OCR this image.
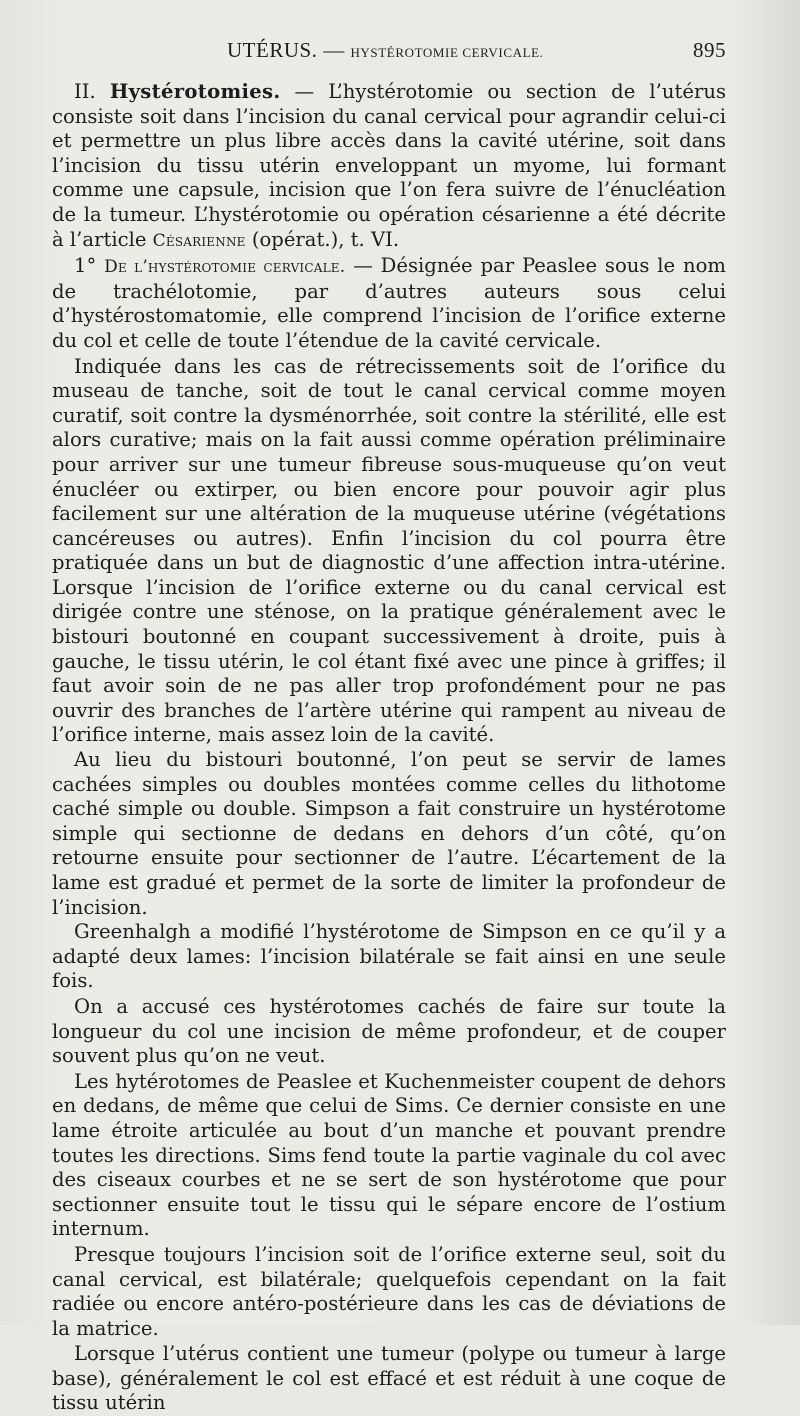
UTÉRUS. — HYSTÉROTOMIE CERVICALE.	895

II. Hystérotomies. — L’hystérotomie ou section de l’utérus consiste soit dans l’incision du canal cervical pour agrandir celui-ci et permettre un plus libre accès dans la cavité utérine, soit dans l’incision du tissu utérin enveloppant un myome, lui formant comme une capsule, incision que l’on fera suivre de l’énucléation de la tumeur. L’hystérotomie ou opération césarienne a été décrite à l’article Césarienne (opérat.), t. VI.

1° De l’hystérotomie cervicale. — Désignée par Peaslee sous le nom de trachélotomie, par d’autres auteurs sous celui d’hystérostomatomie, elle comprend l’incision de l’orifice externe du col et celle de toute l’étendue de la cavité cervicale.

Indiquée dans les cas de rétrecissements soit de l’orifice du museau de tanche, soit de tout le canal cervical comme moyen curatif, soit contre la dysménorrhée, soit contre la stérilité, elle est alors curative; mais on la fait aussi comme opération préliminaire pour arriver sur une tumeur fibreuse sous-muqueuse qu’on veut énucléer ou extirper, ou bien encore pour pouvoir agir plus facilement sur une altération de la muqueuse utérine (végétations cancéreuses ou autres). Enfin l’incision du col pourra être pratiquée dans un but de diagnostic d’une affection intra-utérine. Lorsque l’incision de l’orifice externe ou du canal cervical est dirigée contre une sténose, on la pratique généralement avec le bistouri boutonné en coupant successivement à droite, puis à gauche, le tissu utérin, le col étant fixé avec une pince à griffes; il faut avoir soin de ne pas aller trop profondément pour ne pas ouvrir des branches de l’artère utérine qui rampent au niveau de l’orifice interne, mais assez loin de la cavité.

Au lieu du bistouri boutonné, l’on peut se servir de lames cachées simples ou doubles montées comme celles du lithotome caché simple ou double. Simpson a fait construire un hystérotome simple qui sectionne de dedans en dehors d’un côté, qu’on retourne ensuite pour sectionner de l’autre. L’écartement de la lame est gradué et permet de la sorte de limiter la profondeur de l’incision.

Greenhalgh a modifié l’hystérotome de Simpson en ce qu’il y a adapté deux lames: l’incision bilatérale se fait ainsi en une seule fois.

On a accusé ces hystérotomes cachés de faire sur toute la longueur du col une incision de même profondeur, et de couper souvent plus qu’on ne veut.

Les hytérotomes de Peaslee et Kuchenmeister coupent de dehors en dedans, de même que celui de Sims. Ce dernier consiste en une lame étroite articulée au bout d’un manche et pouvant prendre toutes les directions. Sims fend toute la partie vaginale du col avec des ciseaux courbes et ne se sert de son hystérotome que pour sectionner ensuite tout le tissu qui le sépare encore de l’ostium internum.

Presque toujours l’incision soit de l’orifice externe seul, soit du canal cervical, est bilatérale; quelquefois cependant on la fait radiée ou encore antéro-postérieure dans les cas de déviations de la matrice.

Lorsque l’utérus contient une tumeur (polype ou tumeur à large base), généralement le col est effacé et est réduit à une coque de tissu utérin
